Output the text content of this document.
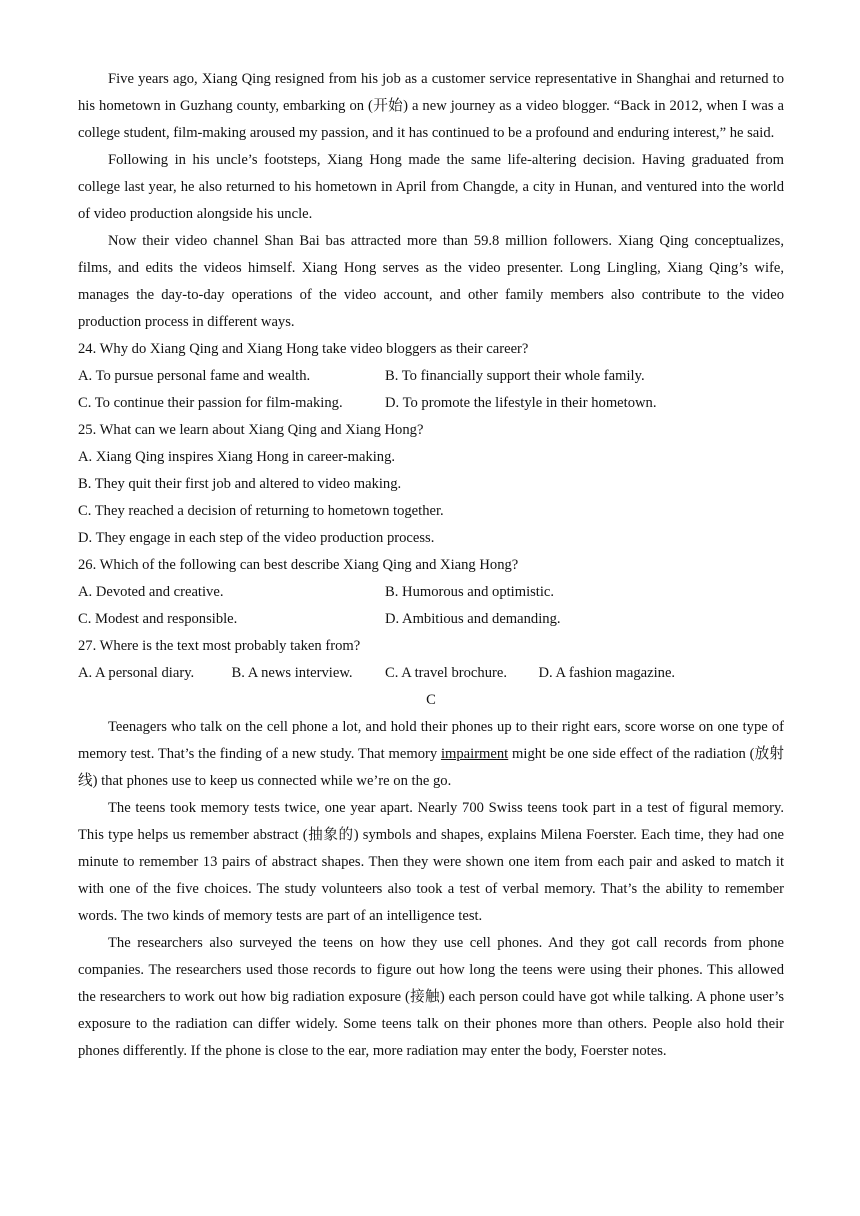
Five years ago, Xiang Qing resigned from his job as a customer service representative in Shanghai and returned to his hometown in Guzhang county, embarking on (开始) a new journey as a video blogger. “Back in 2012, when I was a college student, film-making aroused my passion, and it has continued to be a profound and enduring interest,” he said.

Following in his uncle’s footsteps, Xiang Hong made the same life-altering decision. Having graduated from college last year, he also returned to his hometown in April from Changde, a city in Hunan, and ventured into the world of video production alongside his uncle.

Now their video channel Shan Bai bas attracted more than 59.8 million followers. Xiang Qing conceptualizes, films, and edits the videos himself. Xiang Hong serves as the video presenter. Long Lingling, Xiang Qing’s wife, manages the day-to-day operations of the video account, and other family members also contribute to the video production process in different ways.

24. Why do Xiang Qing and Xiang Hong take video bloggers as their career?

A. To pursue personal fame and wealth.	B. To financially support their whole family.
C. To continue their passion for film-making.	D. To promote the lifestyle in their hometown.

25. What can we learn about Xiang Qing and Xiang Hong?

A. Xiang Qing inspires Xiang Hong in career-making.

B. They quit their first job and altered to video making.

C. They reached a decision of returning to hometown together.

D. They engage in each step of the video production process.

26. Which of the following can best describe Xiang Qing and Xiang Hong?

A. Devoted and creative.	B. Humorous and optimistic.
C. Modest and responsible.	D. Ambitious and demanding.

27. Where is the text most probably taken from?

A. A personal diary.	B. A news interview.	C. A travel brochure.	D. A fashion magazine.

C

Teenagers who talk on the cell phone a lot, and hold their phones up to their right ears, score worse on one type of memory test. That’s the finding of a new study. That memory impairment might be one side effect of the radiation (放射线) that phones use to keep us connected while we’re on the go.

The teens took memory tests twice, one year apart. Nearly 700 Swiss teens took part in a test of figural memory. This type helps us remember abstract (抽象的) symbols and shapes, explains Milena Foerster. Each time, they had one minute to remember 13 pairs of abstract shapes. Then they were shown one item from each pair and asked to match it with one of the five choices. The study volunteers also took a test of verbal memory. That’s the ability to remember words. The two kinds of memory tests are part of an intelligence test.

The researchers also surveyed the teens on how they use cell phones. And they got call records from phone companies. The researchers used those records to figure out how long the teens were using their phones. This allowed the researchers to work out how big radiation exposure (接触) each person could have got while talking. A phone user’s exposure to the radiation can differ widely. Some teens talk on their phones more than others. People also hold their phones differently. If the phone is close to the ear, more radiation may enter the body, Foerster notes.
